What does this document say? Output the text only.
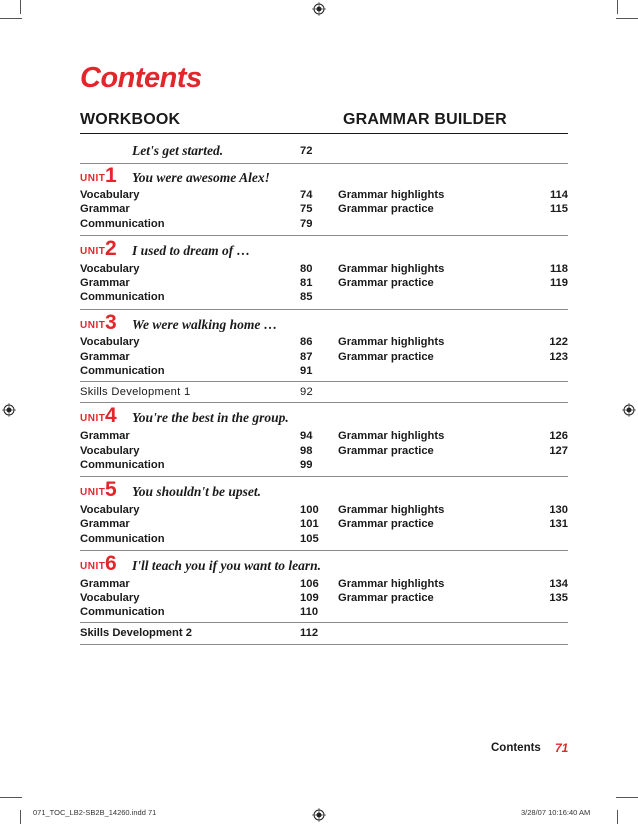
Contents
WORKBOOK	GRAMMAR BUILDER
Let's get started.	72
UNIT 1 You were awesome Alex!
Vocabulary	74 Grammar highlights	114
Grammar	75 Grammar practice	115
Communication	79
UNIT 2 I used to dream of …
Vocabulary	80 Grammar highlights	118
Grammar	81 Grammar practice	119
Communication	85
UNIT 3 We were walking home …
Vocabulary	86 Grammar highlights	122
Grammar	87 Grammar practice	123
Communication	91
Skills Development 1	92
UNIT 4 You're the best in the group.
Grammar	94 Grammar highlights	126
Vocabulary	98 Grammar practice	127
Communication	99
UNIT 5 You shouldn't be upset.
Vocabulary	100 Grammar highlights	130
Grammar	101 Grammar practice	131
Communication	105
UNIT 6 I'll teach you if you want to learn.
Grammar	106 Grammar highlights	134
Vocabulary	109 Grammar practice	135
Communication	110
Skills Development 2	112
Contents 71
071_TOC_LB2-SB2B_14260.indd 71	3/28/07 10:16:40 AM
